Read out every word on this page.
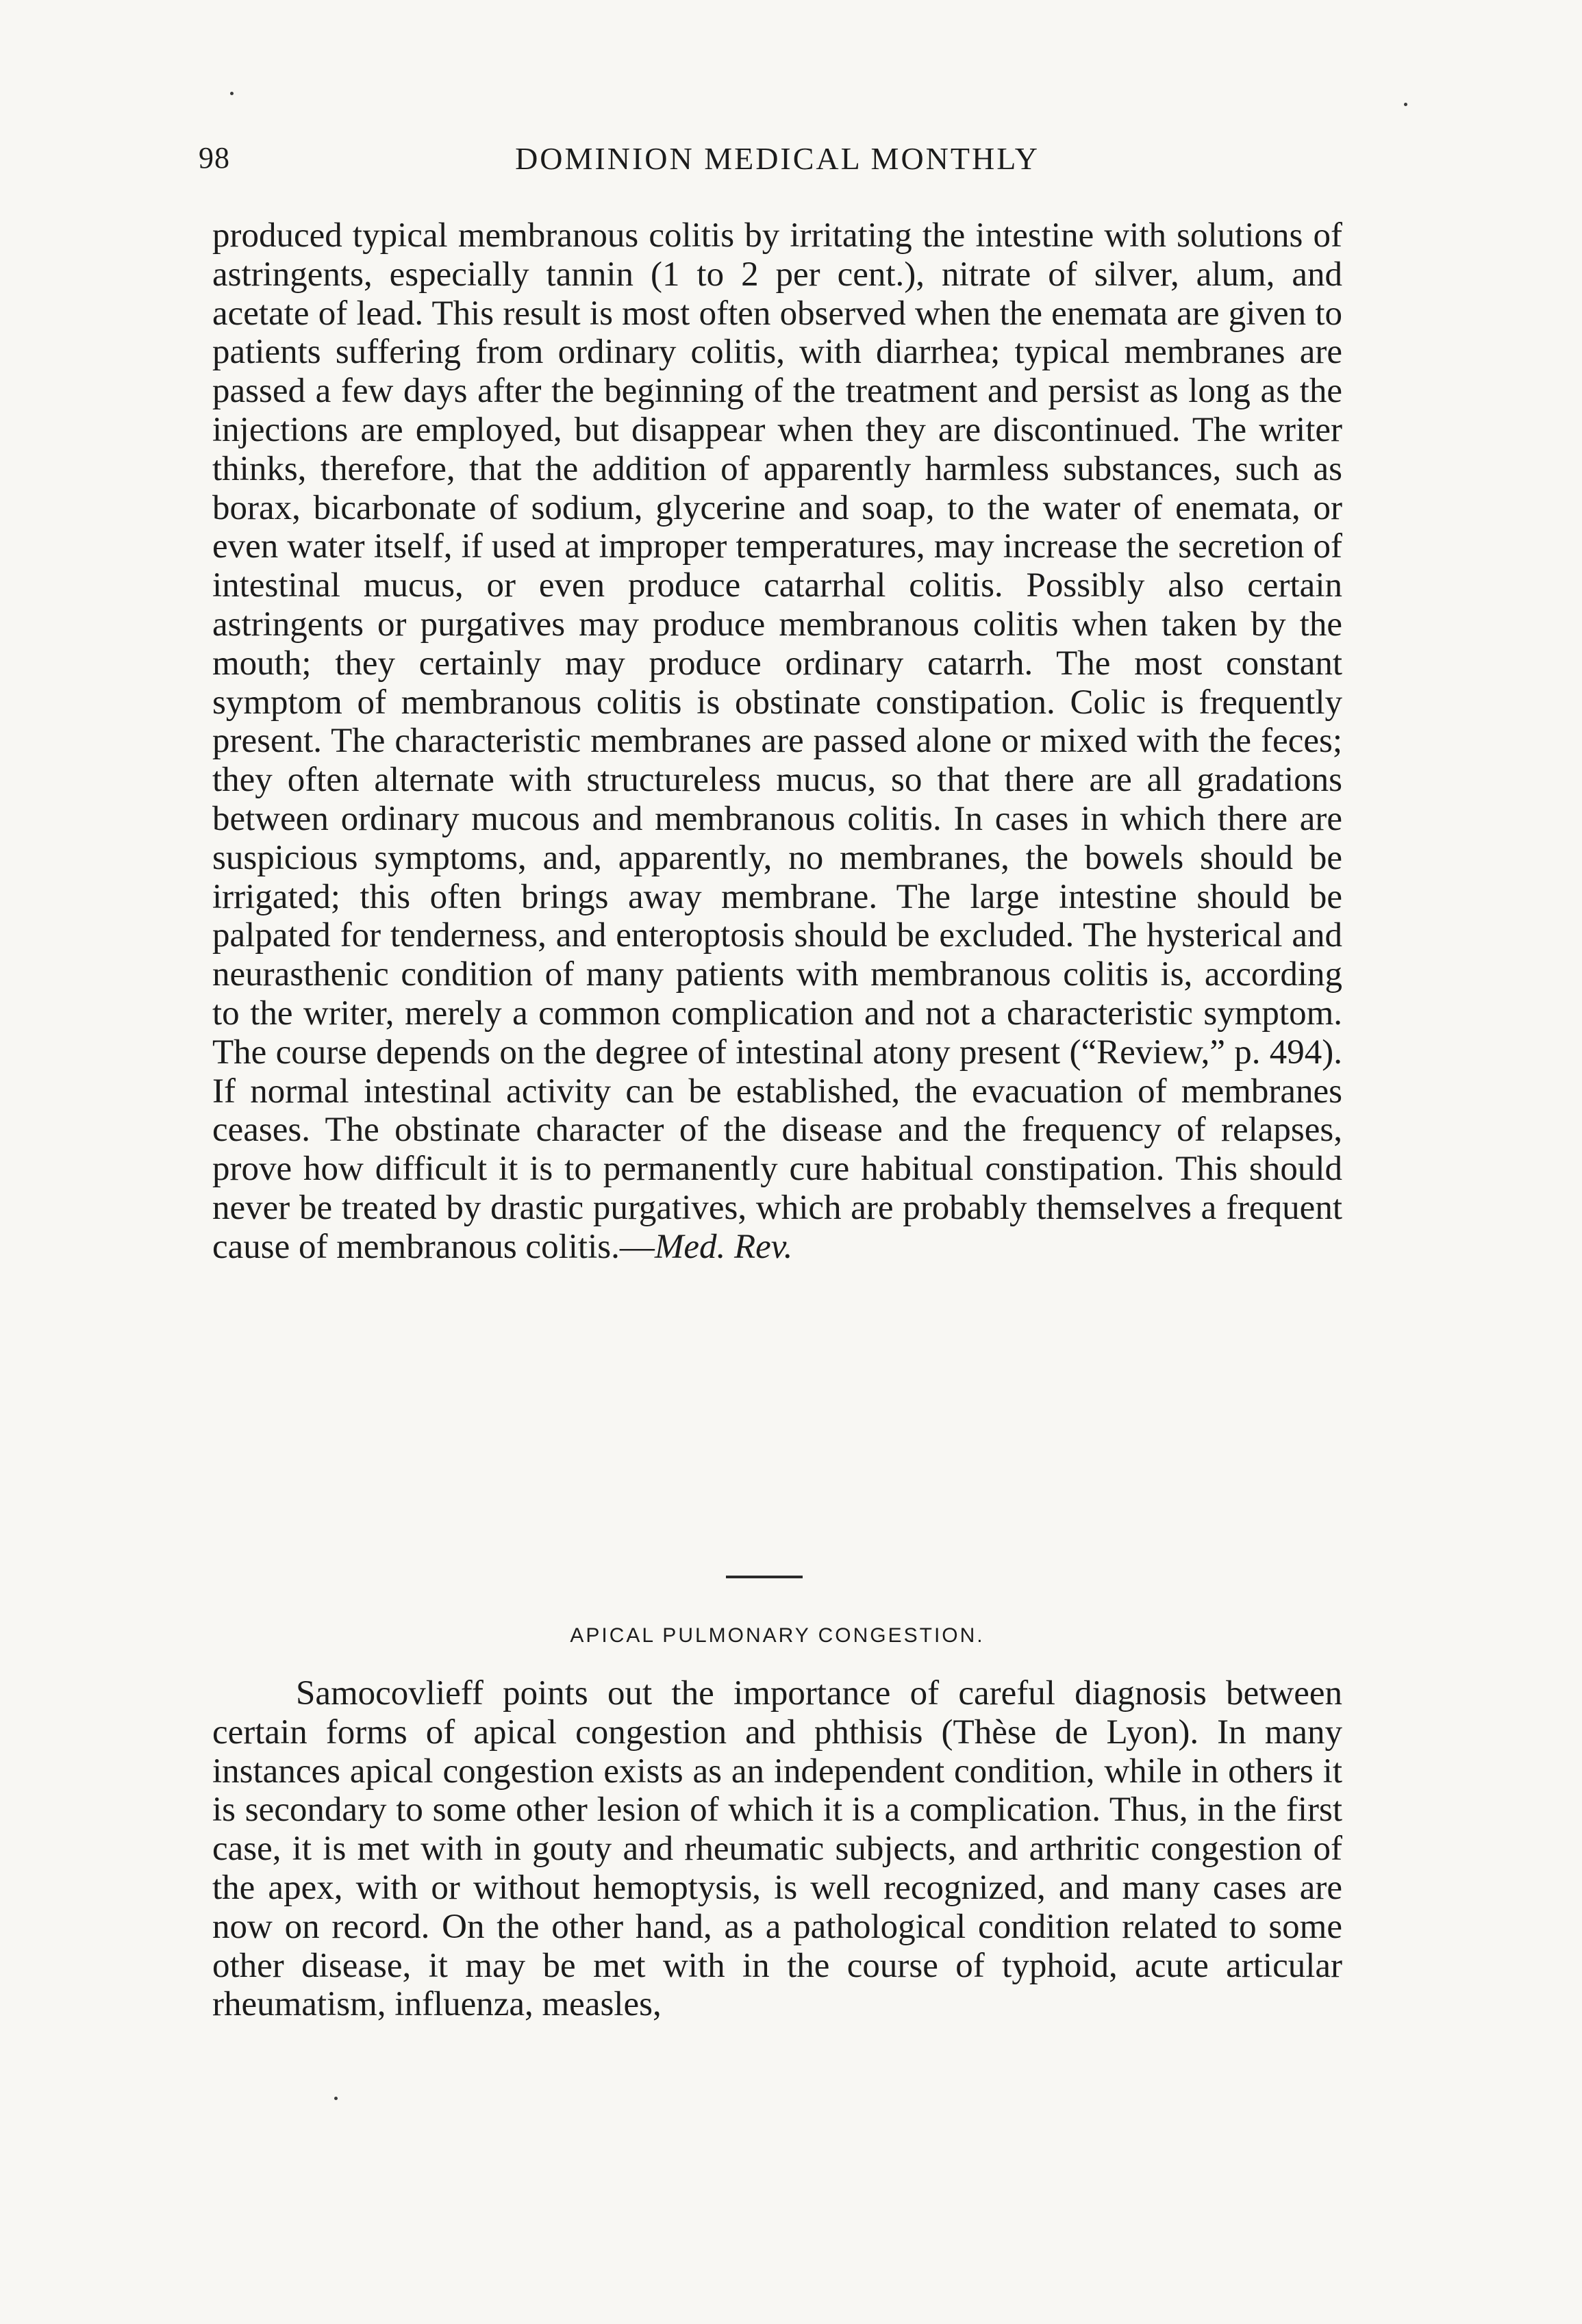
98	DOMINION MEDICAL MONTHLY

produced typical membranous colitis by irritating the intestine with solutions of astringents, especially tannin (1 to 2 per cent.), nitrate of silver, alum, and acetate of lead. This result is most often observed when the enemata are given to patients suffering from ordinary colitis, with diarrhea; typical membranes are passed a few days after the beginning of the treatment and persist as long as the injections are employed, but disappear when they are discontinued. The writer thinks, therefore, that the addition of apparently harmless substances, such as borax, bicarbonate of sodium, glycerine and soap, to the water of enemata, or even water itself, if used at improper temperatures, may increase the secretion of intestinal mucus, or even produce catarrhal colitis. Possibly also certain astringents or purgatives may produce membranous colitis when taken by the mouth; they certainly may produce ordinary catarrh. The most constant symptom of membranous colitis is obstinate constipation. Colic is frequently present. The characteristic membranes are passed alone or mixed with the feces; they often alternate with structureless mucus, so that there are all gradations between ordinary mucous and membranous colitis. In cases in which there are suspicious symptoms, and, apparently, no membranes, the bowels should be irrigated; this often brings away membrane. The large intestine should be palpated for tenderness, and enteroptosis should be excluded. The hysterical and neurasthenic condition of many patients with membranous colitis is, according to the writer, merely a common complication and not a characteristic symptom. The course depends on the degree of intestinal atony present (“Review,” p. 494). If normal intestinal activity can be established, the evacuation of membranes ceases. The obstinate character of the disease and the frequency of relapses, prove how difficult it is to permanently cure habitual constipation. This should never be treated by drastic purgatives, which are probably themselves a frequent cause of membranous colitis.—Med. Rev.

APICAL PULMONARY CONGESTION.

Samocovlieff points out the importance of careful diagnosis between certain forms of apical congestion and phthisis (Thèse de Lyon). In many instances apical congestion exists as an independent condition, while in others it is secondary to some other lesion of which it is a complication. Thus, in the first case, it is met with in gouty and rheumatic subjects, and arthritic congestion of the apex, with or without hemoptysis, is well recognized, and many cases are now on record. On the other hand, as a pathological condition related to some other disease, it may be met with in the course of typhoid, acute articular rheumatism, influenza, measles,
